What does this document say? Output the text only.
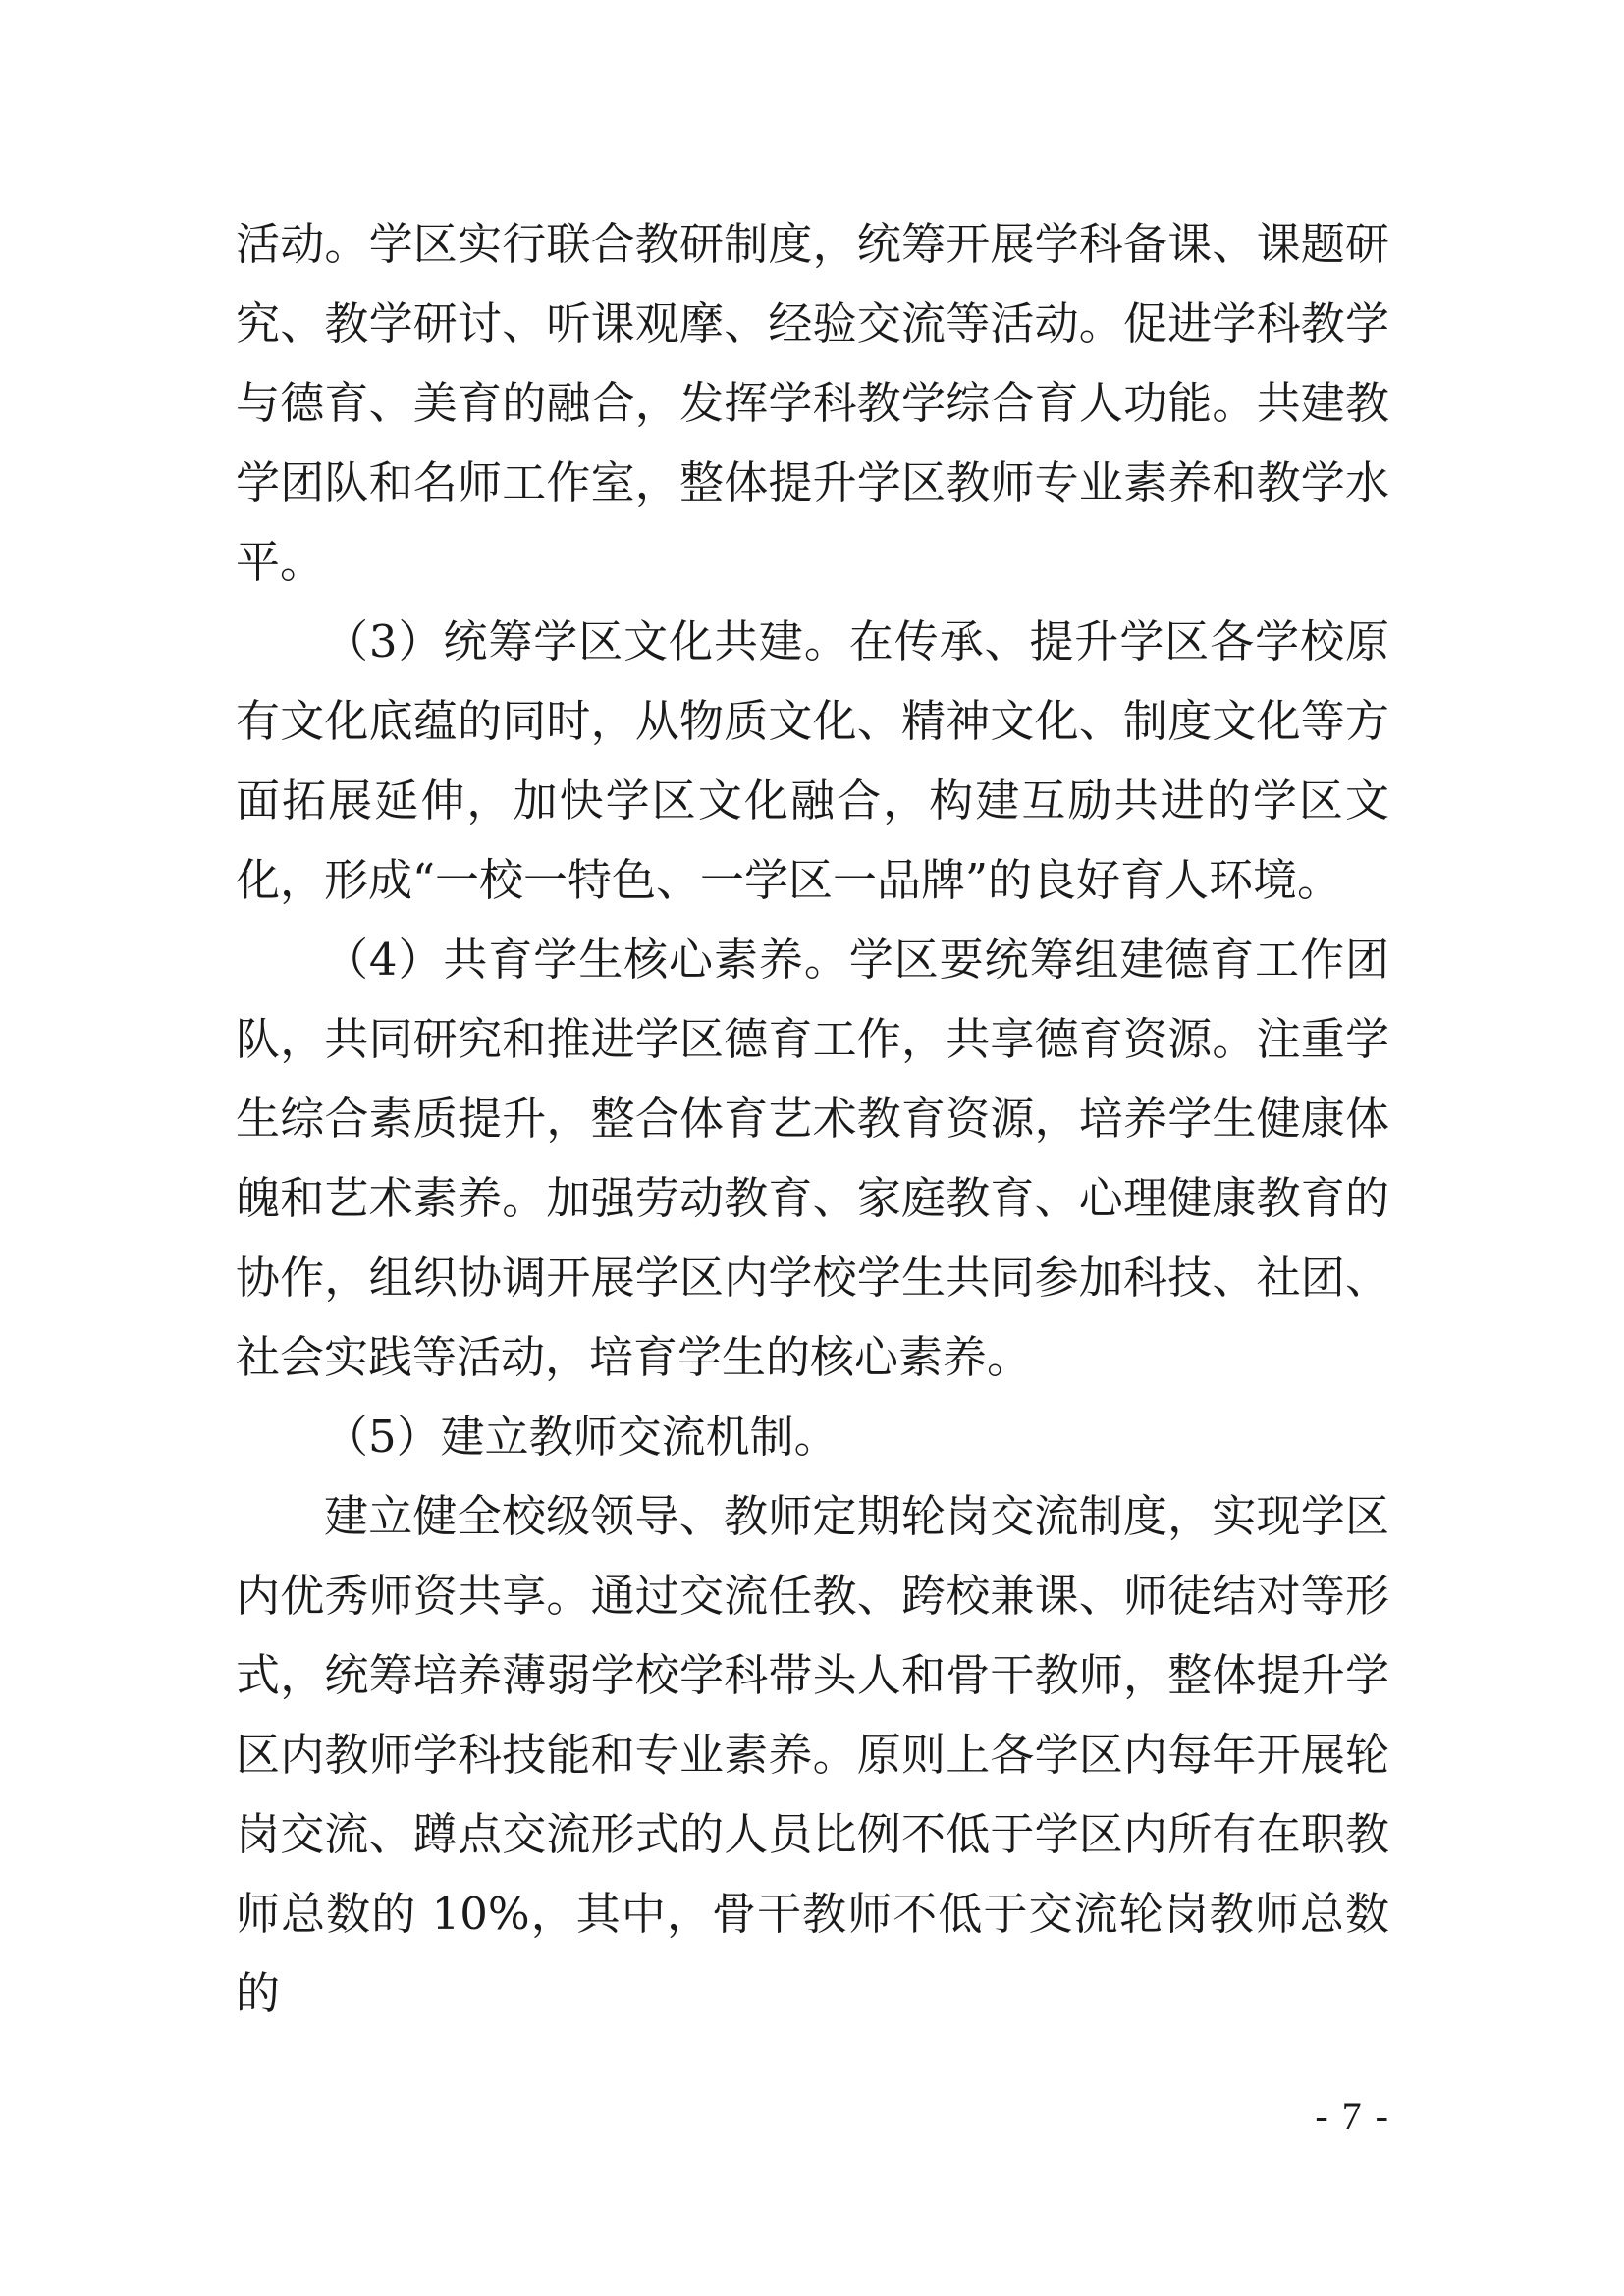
活动。学区实行联合教研制度，统筹开展学科备课、课题研究、教学研讨、听课观摩、经验交流等活动。促进学科教学与德育、美育的融合，发挥学科教学综合育人功能。共建教学团队和名师工作室，整体提升学区教师专业素养和教学水平。

（3）统筹学区文化共建。在传承、提升学区各学校原有文化底蕴的同时，从物质文化、精神文化、制度文化等方面拓展延伸，加快学区文化融合，构建互励共进的学区文化，形成“一校一特色、一学区一品牌”的良好育人环境。

（4）共育学生核心素养。学区要统筹组建德育工作团队，共同研究和推进学区德育工作，共享德育资源。注重学生综合素质提升，整合体育艺术教育资源，培养学生健康体魄和艺术素养。加强劳动教育、家庭教育、心理健康教育的协作，组织协调开展学区内学校学生共同参加科技、社团、社会实践等活动，培育学生的核心素养。

（5）建立教师交流机制。

建立健全校级领导、教师定期轮岗交流制度，实现学区内优秀师资共享。通过交流任教、跨校兼课、师徒结对等形式，统筹培养薄弱学校学科带头人和骨干教师，整体提升学区内教师学科技能和专业素养。原则上各学区内每年开展轮岗交流、蹲点交流形式的人员比例不低于学区内所有在职教师总数的 10%，其中，骨干教师不低于交流轮岗教师总数的

- 7 -
